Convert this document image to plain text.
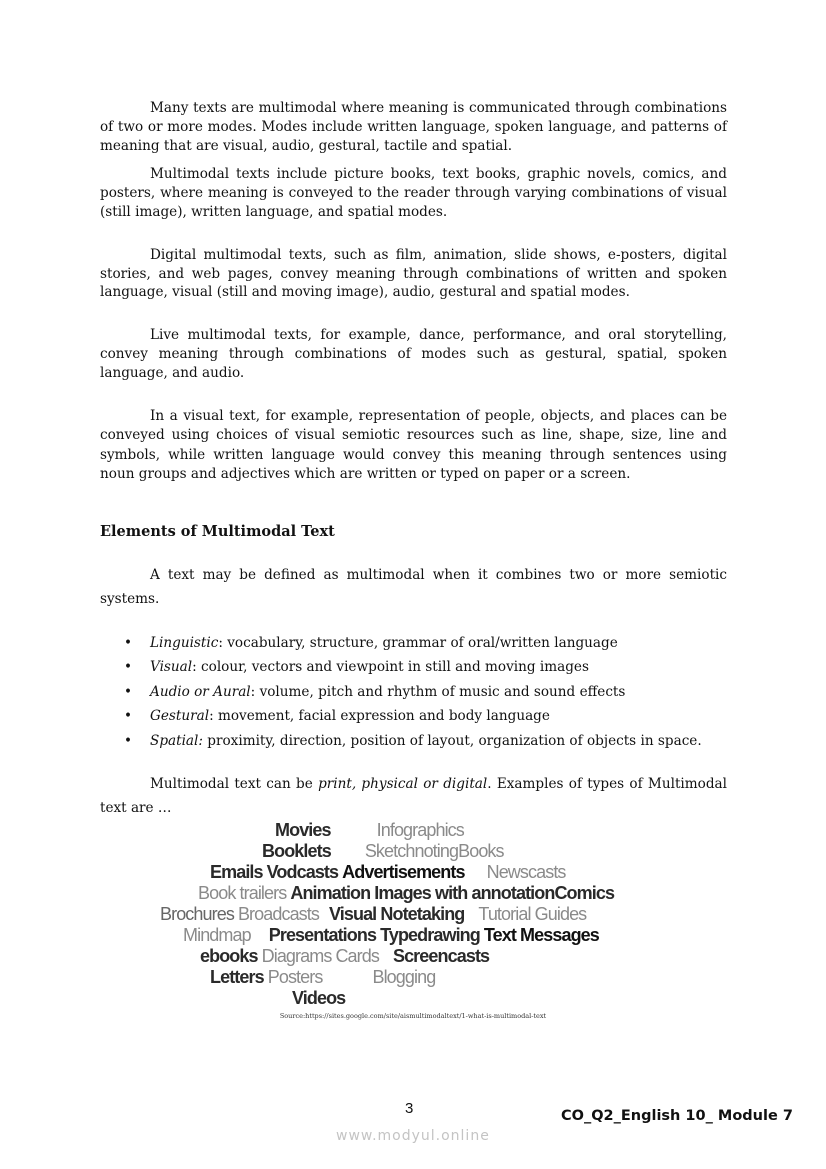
Many texts are multimodal where meaning is communicated through combinations of two or more modes. Modes include written language, spoken language, and patterns of meaning that are visual, audio, gestural, tactile and spatial.

Multimodal texts include picture books, text books, graphic novels, comics, and posters, where meaning is conveyed to the reader through varying combinations of visual (still image), written language, and spatial modes.

Digital multimodal texts, such as film, animation, slide shows, e-posters, digital stories, and web pages, convey meaning through combinations of written and spoken language, visual (still and moving image), audio, gestural and spatial modes.

Live multimodal texts, for example, dance, performance, and oral storytelling, convey meaning through combinations of modes such as gestural, spatial, spoken language, and audio.

In a visual text, for example, representation of people, objects, and places can be conveyed using choices of visual semiotic resources such as line, shape, size, line and symbols, while written language would convey this meaning through sentences using noun groups and adjectives which are written or typed on paper or a screen.

Elements of Multimodal Text

A text may be defined as multimodal when it combines two or more semiotic systems.

• Linguistic: vocabulary, structure, grammar of oral/written language
• Visual: colour, vectors and viewpoint in still and moving images
• Audio or Aural: volume, pitch and rhythm of music and sound effects
• Gestural: movement, facial expression and body language
• Spatial: proximity, direction, position of layout, organization of objects in space.

Multimodal text can be print, physical or digital. Examples of types of Multimodal text are …

Movies	Infographics
Booklets SketchnotingBooks
Emails Vodcasts Advertisements Newscasts
Book trailers Animation Images with annotationComics
Brochures Broadcasts Visual Notetaking Tutorial Guides
Mindmap Presentations Typedrawing Text Messages
ebooks Diagrams Cards Screencasts
Letters Posters	Blogging
Videos
Source:https://sites.google.com/site/aismultimodaltext/1-what-is-multimodal-text
3	CO_Q2_English 10_ Module 7
www.modyul.online
